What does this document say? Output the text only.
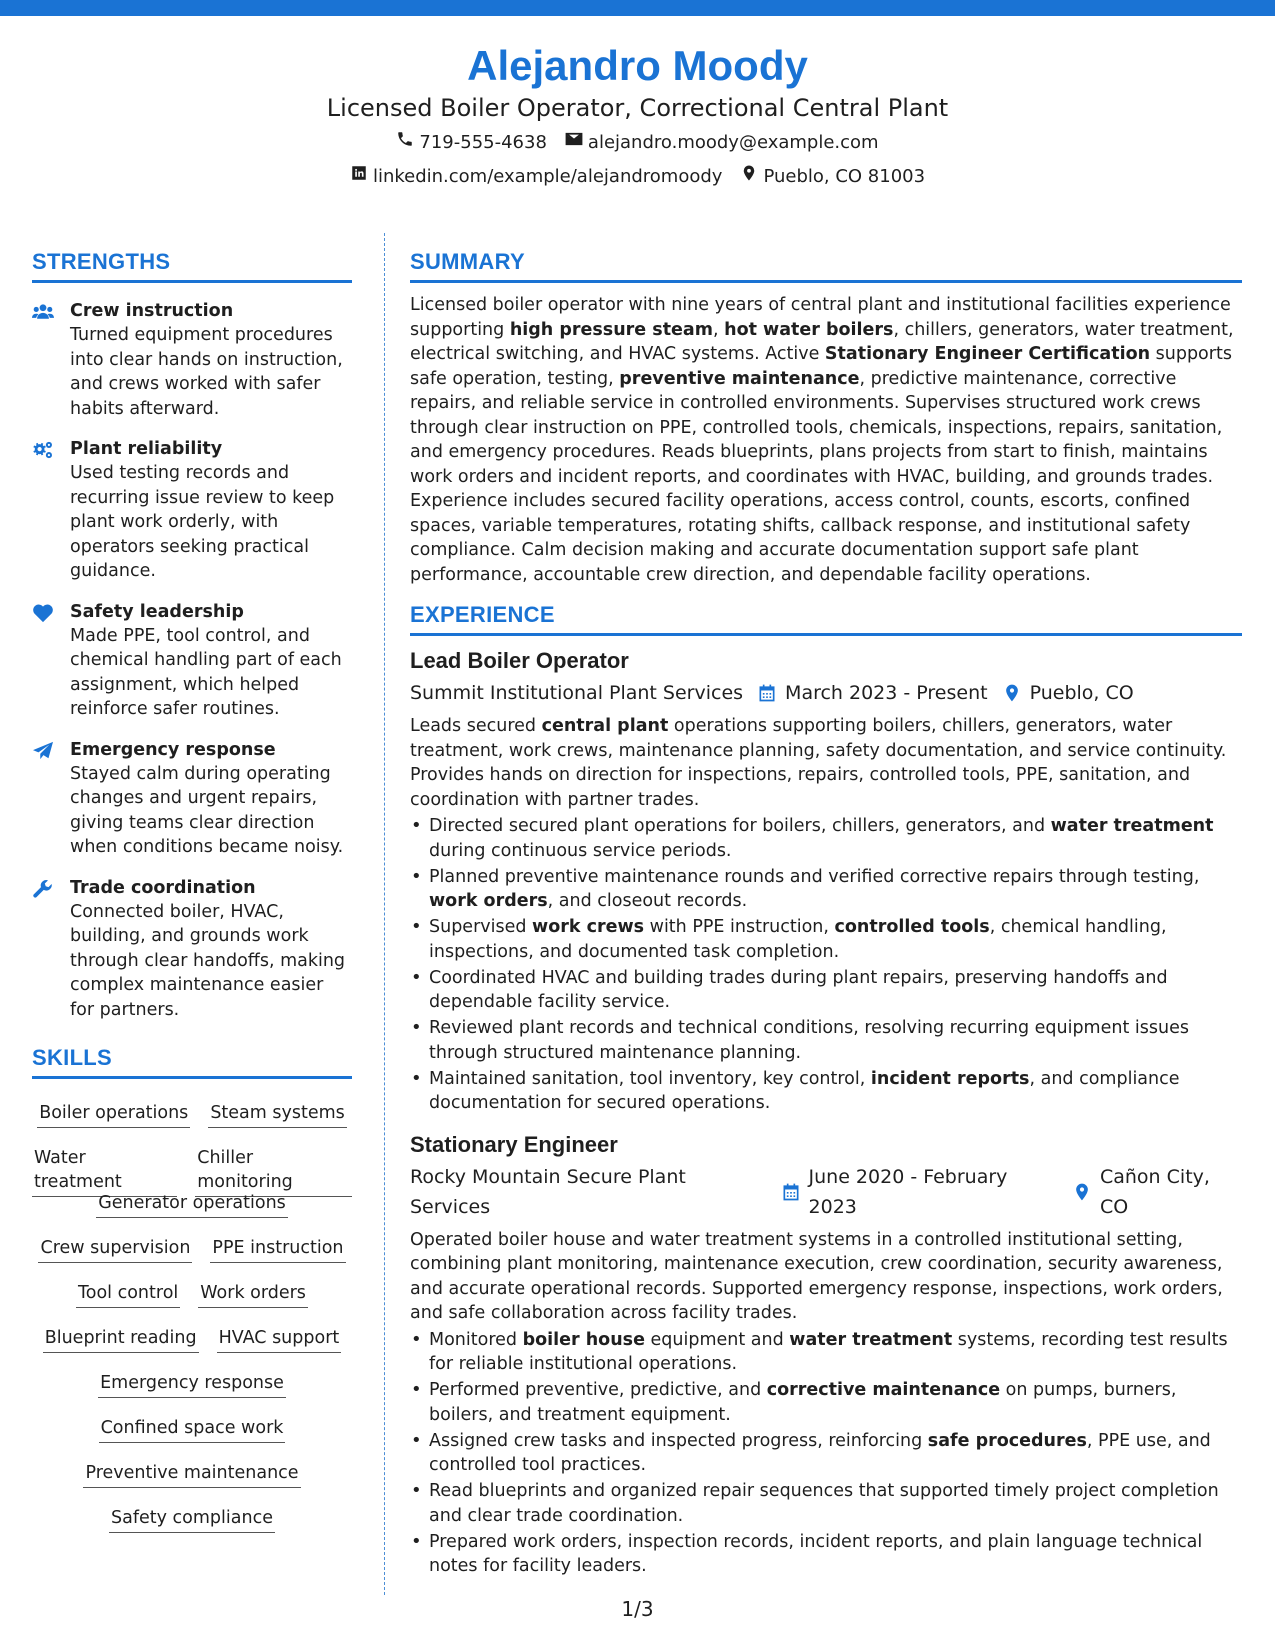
Alejandro Moody
Licensed Boiler Operator, Correctional Central Plant
719-555-4638 alejandro.moody@example.com
linkedin.com/example/alejandromoody Pueblo, CO 81003
STRENGTHS
Crew instruction
Turned equipment procedures into clear hands on instruction, and crews worked with safer habits afterward.
Plant reliability
Used testing records and recurring issue review to keep plant work orderly, with operators seeking practical guidance.
Safety leadership
Made PPE, tool control, and chemical handling part of each assignment, which helped reinforce safer routines.
Emergency response
Stayed calm during operating changes and urgent repairs, giving teams clear direction when conditions became noisy.
Trade coordination
Connected boiler, HVAC, building, and grounds work through clear handoffs, making complex maintenance easier for partners.
SKILLS
Boiler operations Steam systems
Water treatment
Chiller monitoring
Generator operations
Crew supervision PPE instruction
Tool control Work orders
Blueprint reading HVAC support
Emergency response
Confined space work
Preventive maintenance
Safety compliance
SUMMARY

Licensed boiler operator with nine years of central plant and institutional facilities experience supporting high pressure steam, hot water boilers, chillers, generators, water treatment, electrical switching, and HVAC systems. Active Stationary Engineer Certification supports safe operation, testing, preventive maintenance, predictive maintenance, corrective repairs, and reliable service in controlled environments. Supervises structured work crews through clear instruction on PPE, controlled tools, chemicals, inspections, repairs, sanitation, and emergency procedures. Reads blueprints, plans projects from start to finish, maintains work orders and incident reports, and coordinates with HVAC, building, and grounds trades. Experience includes secured facility operations, access control, counts, escorts, confined spaces, variable temperatures, rotating shifts, callback response, and institutional safety compliance. Calm decision making and accurate documentation support safe plant performance, accountable crew direction, and dependable facility operations.

EXPERIENCE
Lead Boiler Operator
Summit Institutional Plant Services March 2023 - Present Pueblo, CO

Leads secured central plant operations supporting boilers, chillers, generators, water treatment, work crews, maintenance planning, safety documentation, and service continuity. Provides hands on direction for inspections, repairs, controlled tools, PPE, sanitation, and coordination with partner trades.

• Directed secured plant operations for boilers, chillers, generators, and water treatment during continuous service periods.
• Planned preventive maintenance rounds and verified corrective repairs through testing, work orders, and closeout records.
• Supervised work crews with PPE instruction, controlled tools, chemical handling, inspections, and documented task completion.
• Coordinated HVAC and building trades during plant repairs, preserving handoffs and dependable facility service.
• Reviewed plant records and technical conditions, resolving recurring equipment issues through structured maintenance planning.
• Maintained sanitation, tool inventory, key control, incident reports, and compliance documentation for secured operations.
Stationary Engineer
Rocky Mountain Secure Plant Services
June 2020 - February 2023
Cañon City, CO

Operated boiler house and water treatment systems in a controlled institutional setting, combining plant monitoring, maintenance execution, crew coordination, security awareness, and accurate operational records. Supported emergency response, inspections, work orders, and safe collaboration across facility trades.

• Monitored boiler house equipment and water treatment systems, recording test results for reliable institutional operations.
• Performed preventive, predictive, and corrective maintenance on pumps, burners, boilers, and treatment equipment.
• Assigned crew tasks and inspected progress, reinforcing safe procedures, PPE use, and controlled tool practices.
• Read blueprints and organized repair sequences that supported timely project completion and clear trade coordination.
• Prepared work orders, inspection records, incident reports, and plain language technical notes for facility leaders.
1/3
